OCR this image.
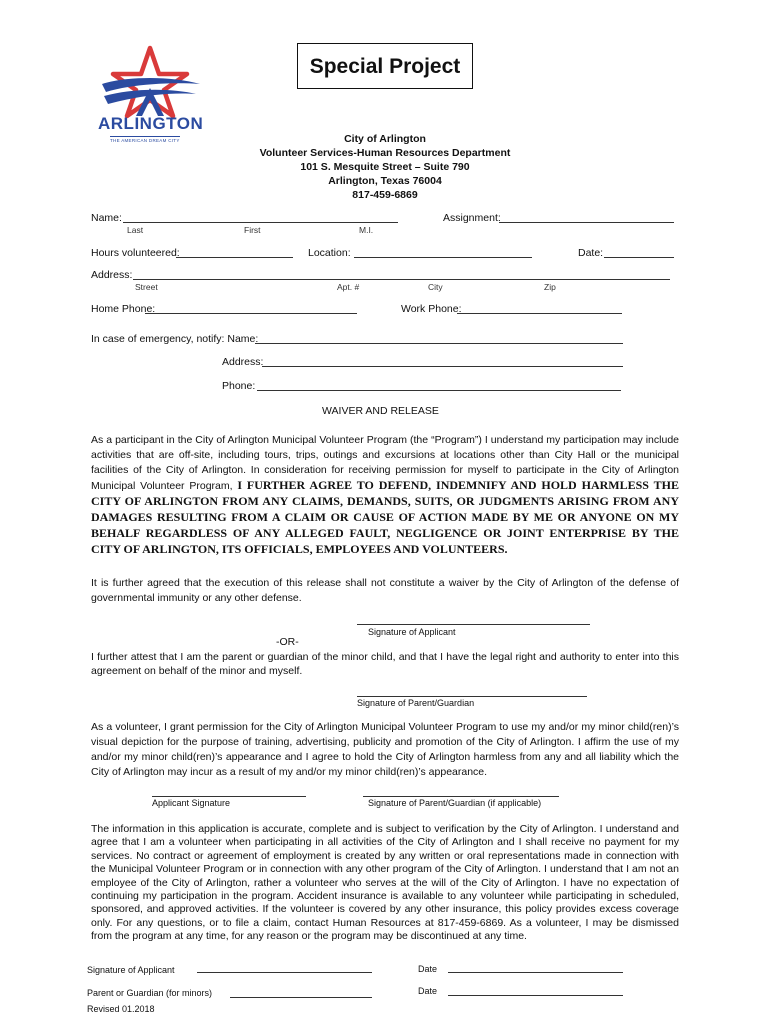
ARLINGTON
THE AMERICAN DREAM CITY
Special Project
City of Arlington
Volunteer Services-Human Resources Department
101 S. Mesquite Street – Suite 790
Arlington, Texas 76004
817-459-6869
Name:
Last	First	M.I.
Assignment:
Hours volunteered:	Location:	Date:
Address:
Street	Apt. #	City	Zip
Home Phone:	Work Phone:
In case of emergency, notify: Name:
Address:
Phone:
WAIVER AND RELEASE
As a participant in the City of Arlington Municipal Volunteer Program (the “Program”) I understand my participation may include activities that are off-site, including tours, trips, outings and excursions at locations other than City Hall or the municipal facilities of the City of Arlington. In consideration for receiving permission for myself to participate in the City of Arlington Municipal Volunteer Program, I FURTHER AGREE TO DEFEND, INDEMNIFY AND HOLD HARMLESS THE CITY OF ARLINGTON FROM ANY CLAIMS, DEMANDS, SUITS, OR JUDGMENTS ARISING FROM ANY DAMAGES RESULTING FROM A CLAIM OR CAUSE OF ACTION MADE BY ME OR ANYONE ON MY BEHALF REGARDLESS OF ANY ALLEGED FAULT, NEGLIGENCE OR JOINT ENTERPRISE BY THE CITY OF ARLINGTON, ITS OFFICIALS, EMPLOYEES AND VOLUNTEERS.
It is further agreed that the execution of this release shall not constitute a waiver by the City of Arlington of the defense of governmental immunity or any other defense.
Signature of Applicant
-OR-
I further attest that I am the parent or guardian of the minor child, and that I have the legal right and authority to enter into this agreement on behalf of the minor and myself.
Signature of Parent/Guardian
As a volunteer, I grant permission for the City of Arlington Municipal Volunteer Program to use my and/or my minor child(ren)’s visual depiction for the purpose of training, advertising, publicity and promotion of the City of Arlington. I affirm the use of my and/or my minor child(ren)’s appearance and I agree to hold the City of Arlington harmless from any and all liability which the City of Arlington may incur as a result of my and/or my minor child(ren)’s appearance.
Applicant Signature	Signature of Parent/Guardian (if applicable)
The information in this application is accurate, complete and is subject to verification by the City of Arlington. I understand and agree that I am a volunteer when participating in all activities of the City of Arlington and I shall receive no payment for my services. No contract or agreement of employment is created by any written or oral representations made in connection with the Municipal Volunteer Program or in connection with any other program of the City of Arlington. I understand that I am not an employee of the City of Arlington, rather a volunteer who serves at the will of the City of Arlington. I have no expectation of continuing my participation in the program. Accident insurance is available to any volunteer while participating in scheduled, sponsored, and approved activities. If the volunteer is covered by any other insurance, this policy provides excess coverage only. For any questions, or to file a claim, contact Human Resources at 817-459-6869. As a volunteer, I may be dismissed from the program at any time, for any reason or the program may be discontinued at any time.
Signature of Applicant	Date
Parent or Guardian (for minors)	Date
Revised 01.2018
